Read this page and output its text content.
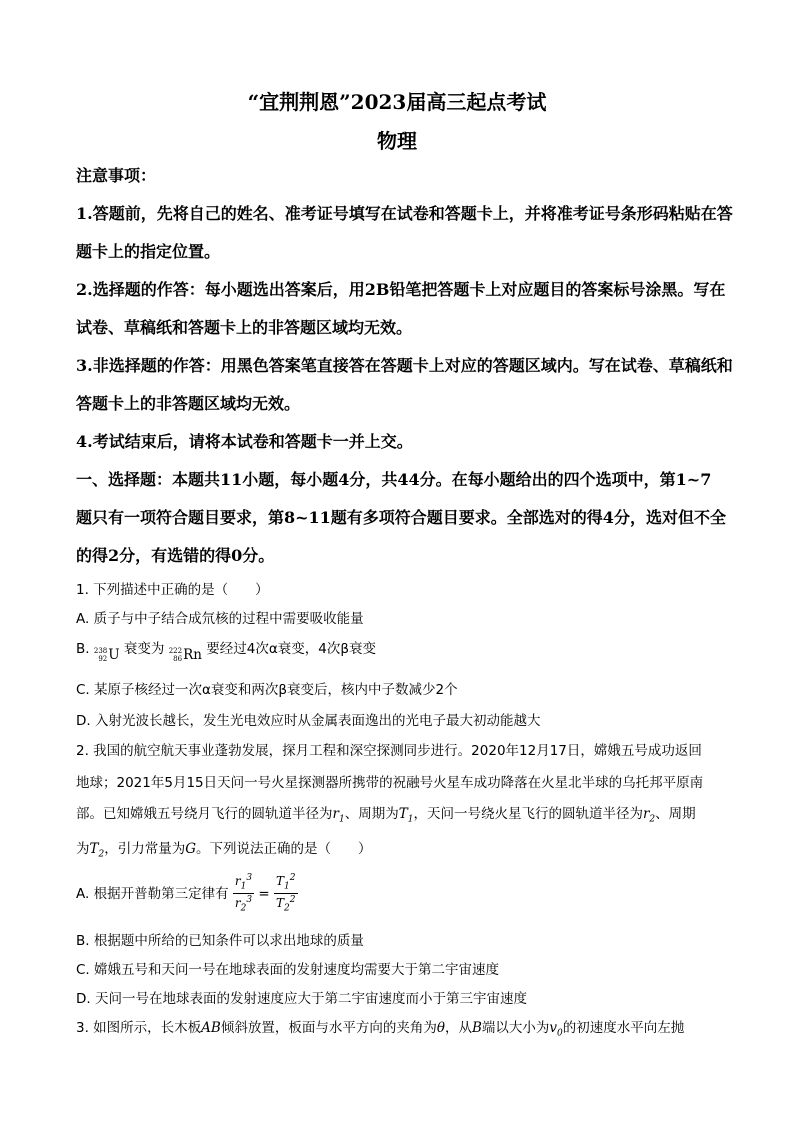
“宜荆荆恩”2023届高三起点考试
物理
注意事项：
1.答题前，先将自己的姓名、准考证号填写在试卷和答题卡上，并将准考证号条形码粘贴在答
题卡上的指定位置。
2.选择题的作答：每小题选出答案后，用2B铅笔把答题卡上对应题目的答案标号涂黑。写在
试卷、草稿纸和答题卡上的非答题区域均无效。
3.非选择题的作答：用黑色答案笔直接答在答题卡上对应的答题区域内。写在试卷、草稿纸和
答题卡上的非答题区域均无效。
4.考试结束后，请将本试卷和答题卡一并上交。
一、选择题：本题共11小题，每小题4分，共44分。在每小题给出的四个选项中，第1~7
题只有一项符合题目要求，第8~11题有多项符合题目要求。全部选对的得4分，选对但不全
的得2分，有选错的得0分。
1. 下列描述中正确的是（　　）
A. 质子与中子结合成氘核的过程中需要吸收能量
B. 238
92 U 衰变为 222
86 Rn 要经过4次α衰变，4次β衰变
C. 某原子核经过一次α衰变和两次β衰变后，核内中子数减少2个
D. 入射光波长越长，发生光电效应时从金属表面逸出的光电子最大初动能越大
2. 我国的航空航天事业蓬勃发展，探月工程和深空探测同步进行。2020年12月17日，嫦娥五号成功返回
地球；2021年5月15日天问一号火星探测器所携带的祝融号火星车成功降落在火星北半球的乌托邦平原南
部。已知嫦娥五号绕月飞行的圆轨道半径为$r_1$、周期为$T_1$，天问一号绕火星飞行的圆轨道半径为$r_2$、周期
为$T_2$，引力常量为G。下列说法正确的是（　　）
A. 根据开普勒第三定律有 $\frac{r_1^3}{r_2^3} = \frac{T_1^2}{T_2^2}$
B. 根据题中所给的已知条件可以求出地球的质量
C. 嫦娥五号和天问一号在地球表面的发射速度均需要大于第二宇宙速度
D. 天问一号在地球表面的发射速度应大于第二宇宙速度而小于第三宇宙速度
3. 如图所示，长木板AB倾斜放置，板面与水平方向的夹角为θ，从B端以大小为$v_0$的初速度水平向左抛
